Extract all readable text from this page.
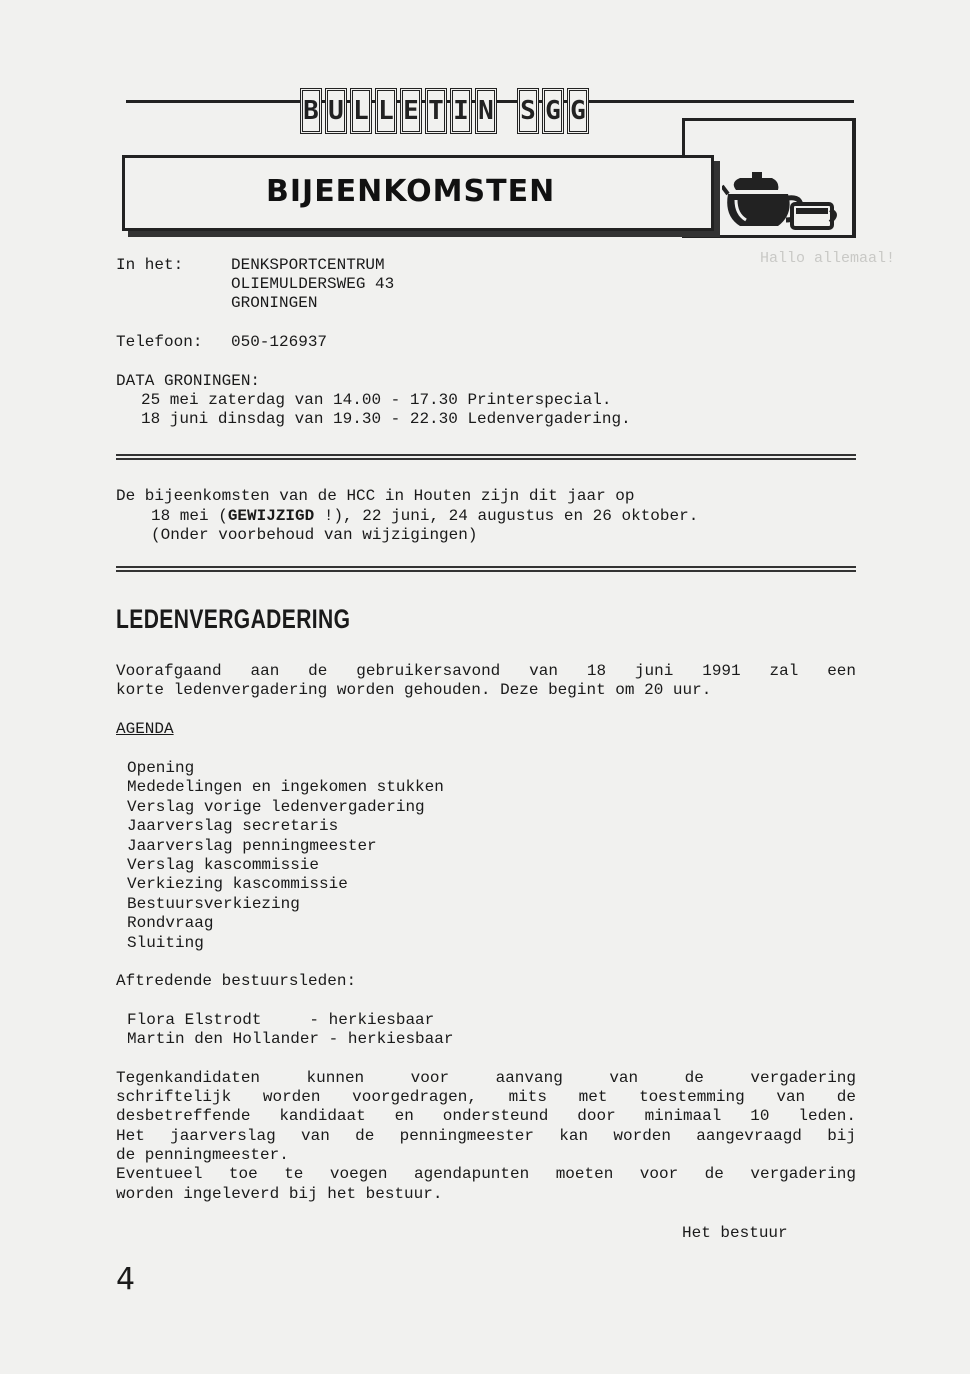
Hallo allemaal!
B U L L E T I N S G G
BIJEENKOMSTEN
In het:	DENKSPORTCENTRUM
OLIEMULDERSWEG 43
GRONINGEN
Telefoon: 050-126937
DATA GRONINGEN:
25 mei zaterdag van 14.00 - 17.30 Printerspecial.
18 juni dinsdag van 19.30 - 22.30 Ledenvergadering.
De bijeenkomsten van de HCC in Houten zijn dit jaar op
18 mei (GEWIJZIGD !), 22 juni, 24 augustus en 26 oktober.
(Onder voorbehoud van wijzigingen)
LEDENVERGADERING
Voorafgaand aan de gebruikersavond van 18 juni 1991 zal een
korte ledenvergadering worden gehouden. Deze begint om 20 uur.
AGENDA
Opening
Mededelingen en ingekomen stukken
Verslag vorige ledenvergadering
Jaarverslag secretaris
Jaarverslag penningmeester
Verslag kascommissie
Verkiezing kascommissie
Bestuursverkiezing
Rondvraag
Sluiting
Aftredende bestuursleden:
Flora Elstrodt     - herkiesbaar
Martin den Hollander - herkiesbaar
Tegenkandidaten kunnen voor aanvang van de vergadering
schriftelijk worden voorgedragen, mits met toestemming van de
desbetreffende kandidaat en ondersteund door minimaal 10 leden.
Het jaarverslag van de penningmeester kan worden aangevraagd bij
de penningmeester.
Eventueel toe te voegen agendapunten moeten voor de vergadering
worden ingeleverd bij het bestuur.
Het bestuur
4
